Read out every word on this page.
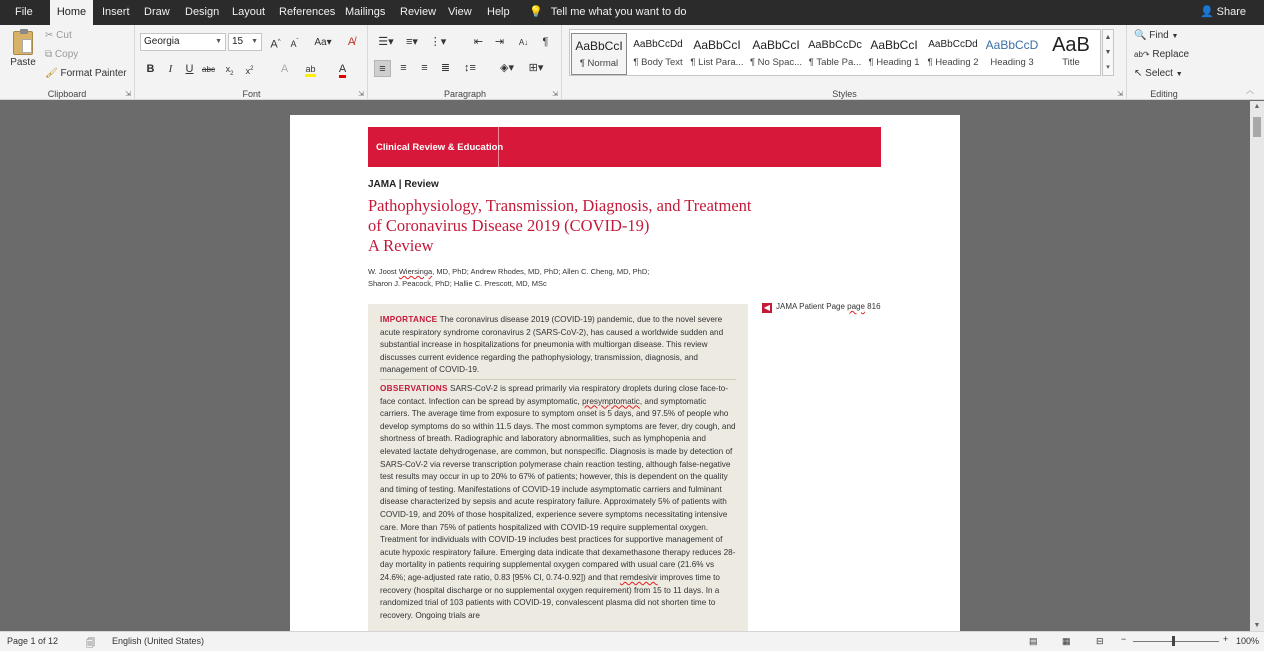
File	Home	Insert Draw Design Layout References Mailings Review View Help 💡 Tell me what you want to do	👤 Share
Paste
✂ Cut
⧉ Copy
🖌 Format Painter
Clipboard	⇲
Georgia	▼	15 ▼	A^	$A^ˇ$	Aa▾	A̸
B	I	U	abc	$x_2$	$x^2$	A	ab	A
Font	⇲
☰▾	≡▾	⋮▾	⇤	⇥	A↓	¶
≡	≡	≡	≣	↕≡	◈▾	⊞▾
Paragraph	⇲	Styles	⇲
AaBbCcI
¶ Normal
AaBbCcDd
¶ Body Text
AaBbCcI
¶ List Para...
AaBbCcI
¶ No Spac...
AaBbCcDc
¶ Table Pa...
AaBbCcI
¶ Heading 1
AaBbCcDd
¶ Heading 2
AaBbCcD
Heading 3
AaB
Title
▲
▼
▾
🔍 Find ▼
ab↷ Replace
↖ Select ▼
Editing	︿
Clinical Review & Education
JAMA | Review
Pathophysiology, Transmission, Diagnosis, and Treatment
of Coronavirus Disease 2019 (COVID-19)
A Review
W. Joost Wiersinga, MD, PhD; Andrew Rhodes, MD, PhD; Allen C. Cheng, MD, PhD;
Sharon J. Peacock, PhD; Hallie C. Prescott, MD, MSc
◀ JAMA Patient Page page 816
IMPORTANCE The coronavirus disease 2019 (COVID-19) pandemic, due to the novel severe acute respiratory syndrome coronavirus 2 (SARS-CoV-2), has caused a worldwide sudden and substantial increase in hospitalizations for pneumonia with multiorgan disease. This review discusses current evidence regarding the pathophysiology, transmission, diagnosis, and management of COVID-19.
OBSERVATIONS SARS-CoV-2 is spread primarily via respiratory droplets during close face-to-face contact. Infection can be spread by asymptomatic, presymptomatic, and symptomatic carriers. The average time from exposure to symptom onset is 5 days, and 97.5% of people who develop symptoms do so within 11.5 days. The most common symptoms are fever, dry cough, and shortness of breath. Radiographic and laboratory abnormalities, such as lymphopenia and elevated lactate dehydrogenase, are common, but nonspecific. Diagnosis is made by detection of SARS-CoV-2 via reverse transcription polymerase chain reaction testing, although false-negative test results may occur in up to 20% to 67% of patients; however, this is dependent on the quality and timing of testing. Manifestations of COVID-19 include asymptomatic carriers and fulminant disease characterized by sepsis and acute respiratory failure. Approximately 5% of patients with COVID-19, and 20% of those hospitalized, experience severe symptoms necessitating intensive care. More than 75% of patients hospitalized with COVID-19 require supplemental oxygen. Treatment for individuals with COVID-19 includes best practices for supportive management of acute hypoxic respiratory failure. Emerging data indicate that dexamethasone therapy reduces 28-day mortality in patients requiring supplemental oxygen compared with usual care (21.6% vs 24.6%; age-adjusted rate ratio, 0.83 [95% CI, 0.74-0.92]) and that remdesivir improves time to recovery (hospital discharge or no supplemental oxygen requirement) from 15 to 11 days. In a randomized trial of 103 patients with COVID-19, convalescent plasma did not shorten time to recovery. Ongoing trials are
▲
▼
Page 1 of 12	🗐 English (United States)	▤	▦	⊟ −	+ 100%
